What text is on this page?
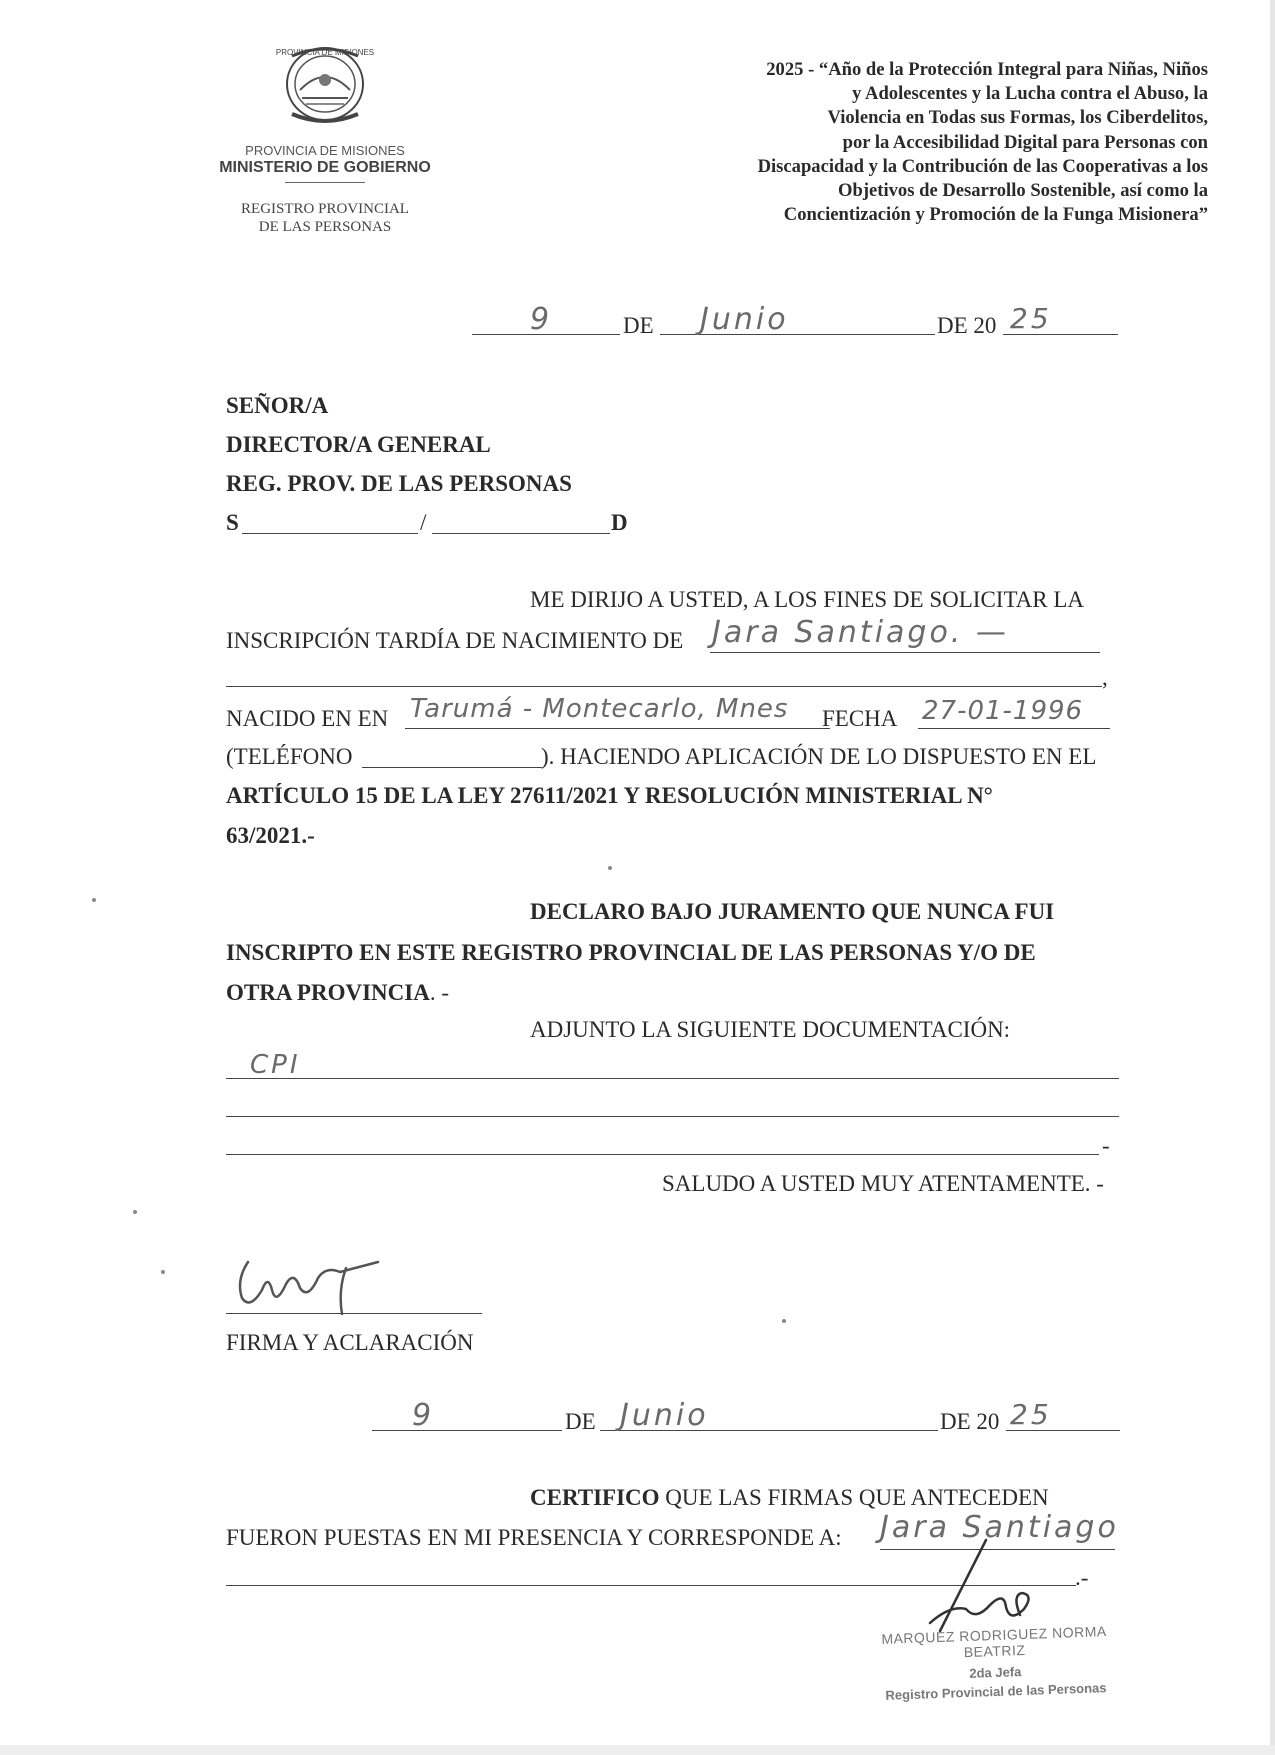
PROVINCIA DE MISIONES
PROVINCIA DE MISIONES
MINISTERIO DE GOBIERNO
REGISTRO PROVINCIAL
DE LAS PERSONAS
2025 - “Año de la Protección Integral para Niñas, Niños
y Adolescentes y la Lucha contra el Abuso, la
Violencia en Todas sus Formas, los Ciberdelitos,
por la Accesibilidad Digital para Personas con
Discapacidad y la Contribución de las Cooperativas a los
Objetivos de Desarrollo Sostenible, así como la
Concientización y Promoción de la Funga Misionera”
9	DE Junio	DE 20 25
SEÑOR/A
DIRECTOR/A GENERAL
REG. PROV. DE LAS PERSONAS
S	/	D
ME DIRIJO A USTED, A LOS FINES DE SOLICITAR LA
INSCRIPCIÓN TARDÍA DE NACIMIENTO DE Jara Santiago. —
,
NACIDO EN EN Tarumá - Montecarlo, Mnes FECHA 27-01-1996
(TELÉFONO	). HACIENDO APLICACIÓN DE LO DISPUESTO EN EL
ARTÍCULO 15 DE LA LEY 27611/2021 Y RESOLUCIÓN MINISTERIAL N°
63/2021.-
DECLARO BAJO JURAMENTO QUE NUNCA FUI
INSCRIPTO EN ESTE REGISTRO PROVINCIAL DE LAS PERSONAS Y/O DE
OTRA PROVINCIA. -
ADJUNTO LA SIGUIENTE DOCUMENTACIÓN:
CPI
-
SALUDO A USTED MUY ATENTAMENTE. -
FIRMA Y ACLARACIÓN
9	DE Junio	DE 20 25
CERTIFICO QUE LAS FIRMAS QUE ANTECEDEN
FUERON PUESTAS EN MI PRESENCIA Y CORRESPONDE A: Jara Santiago
.-
MARQUEZ RODRIGUEZ NORMA BEATRIZ
2da Jefa
Registro Provincial de las Personas
